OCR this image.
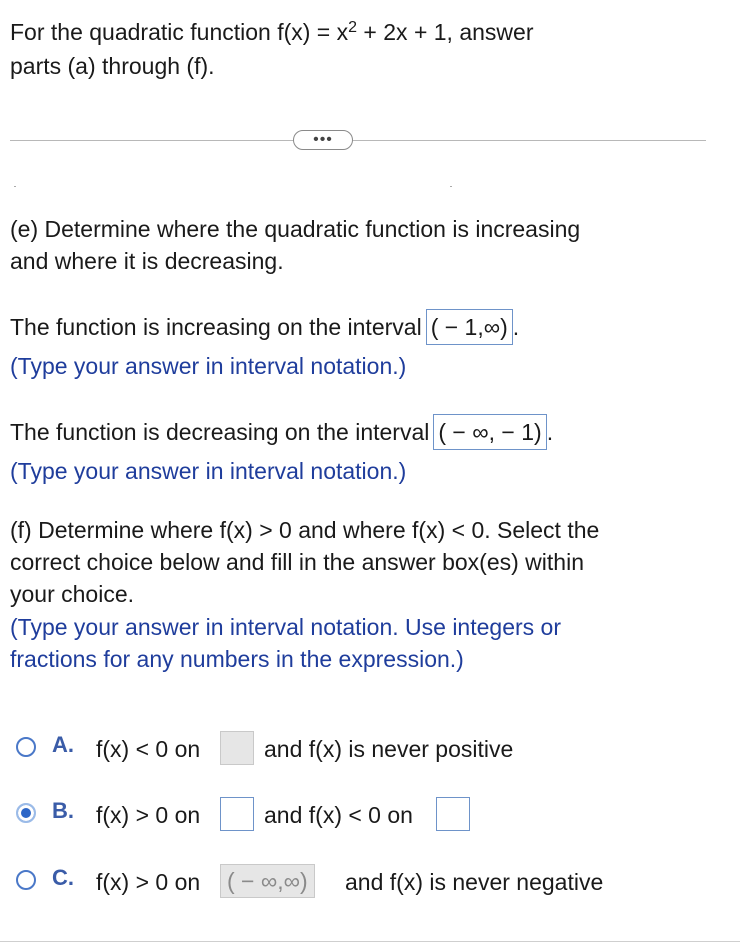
For the quadratic function $f(x) = x^2 + 2x + 1$, answer
parts (a) through (f).
•••
(e) Determine where the quadratic function is increasing
and where it is decreasing.
The function is increasing on the interval ( − 1,∞) .
(Type your answer in interval notation.)
The function is decreasing on the interval ( − ∞, − 1) .
(Type your answer in interval notation.)
(f) Determine where f(x) > 0 and where f(x) < 0. Select the
correct choice below and fill in the answer box(es) within
your choice.
(Type your answer in interval notation. Use integers or
fractions for any numbers in the expression.)
A. f(x) < 0 on	and f(x) is never positive
B. f(x) > 0 on	and f(x) < 0 on
C. f(x) > 0 on	( − ∞,∞)	and f(x) is never negative
